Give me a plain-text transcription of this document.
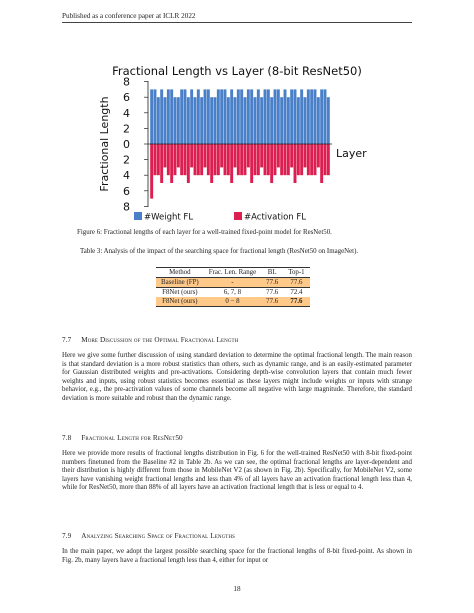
Published as a conference paper at ICLR 2022
Fractional Length vs Layer (8-bit ResNet50)
Fractional Length
8
6
4
2
0
2
4
6
8
Layer
#Weight FL	#Activation FL
Figure 6: Fractional lengths of each layer for a well-trained fixed-point model for ResNet50.
Table 3: Analysis of the impact of the searching space for fractional length (ResNet50 on ImageNet).
Method	Frac. Len. Range	BL	Top-1
Baseline (FP)	-	77.6	77.6
F8Net (ours)	6, 7, 8	77.6	72.4
F8Net (ours)	0 − 8	77.6	77.6
7.7 More Discussion of the Optimal Fractional Length
Here we give some further discussion of using standard deviation to determine the optimal fractional length. The main reason is that standard deviation is a more robust statistics than others, such as dynamic range, and is an easily-estimated parameter for Gaussian distributed weights and pre-activations. Considering depth-wise convolution layers that contain much fewer weights and inputs, using robust statistics becomes essential as these layers might include weights or inputs with strange behavior, e.g., the pre-activation values of some channels become all negative with large magnitude. Therefore, the standard deviation is more suitable and robust than the dynamic range.
7.8 Fractional Length for ResNet50
Here we provide more results of fractional lengths distribution in Fig. 6 for the well-trained ResNet50 with 8-bit fixed-point numbers finetuned from the Baseline #2 in Table 2b. As we can see, the optimal fractional lengths are layer-dependent and their distribution is highly different from those in MobileNet V2 (as shown in Fig. 2b). Specifically, for MobileNet V2, some layers have vanishing weight fractional lengths and less than 4% of all layers have an activation fractional length less than 4, while for ResNet50, more than 88% of all layers have an activation fractional length that is less or equal to 4.
7.9 Analyzing Searching Space of Fractional Lengths
In the main paper, we adopt the largest possible searching space for the fractional lengths of 8-bit fixed-point. As shown in Fig. 2b, many layers have a fractional length less than 4, either for input or
18
